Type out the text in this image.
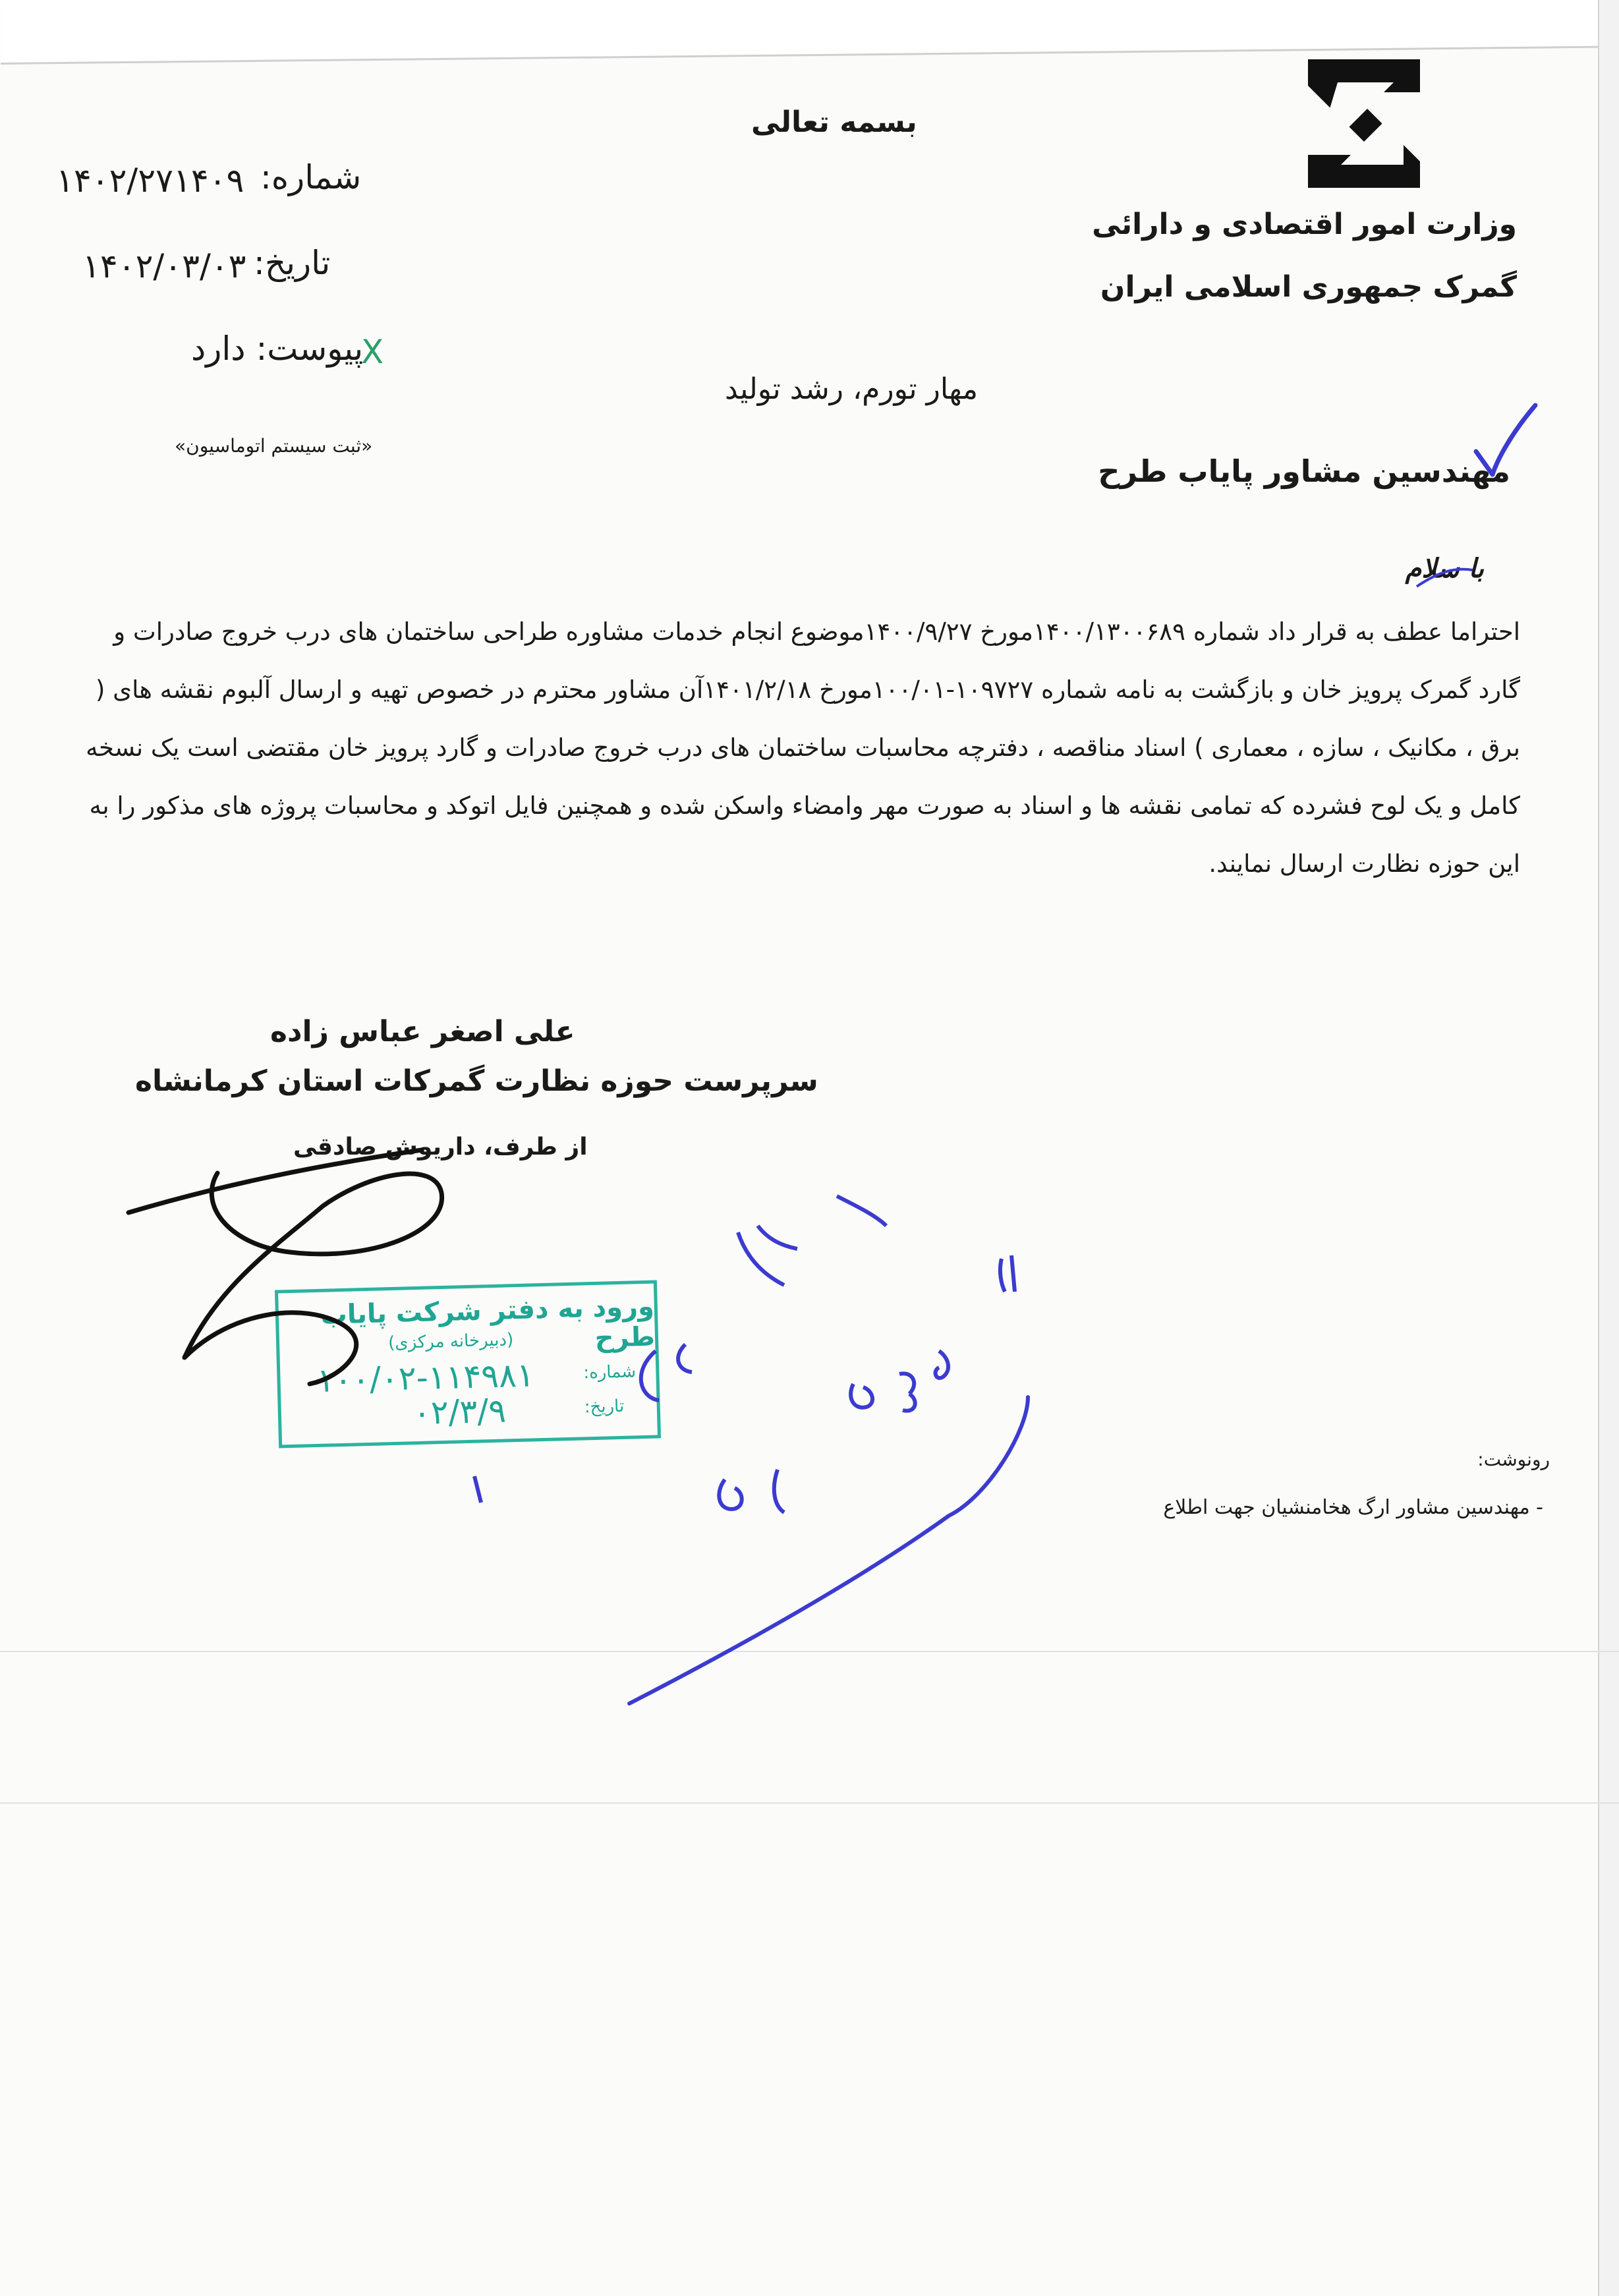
وزارت امور اقتصادی و دارائی
گمرک جمهوری اسلامی ایران
بسمه تعالی
شماره:
۱۴۰۲/۲۷۱۴۰۹
تاریخ:
۱۴۰۲/۰۳/۰۳
پیوست: دارد
X
«ثبت سیستم اتوماسیون»
مهار تورم، رشد تولید
مهندسین مشاور پایاب طرح
با سلام
احتراما عطف به قرار داد شماره ۱۴۰۰/۱۳۰۰۶۸۹مورخ ۱۴۰۰/۹/۲۷موضوع انجام خدمات مشاوره طراحی ساختمان های درب خروج صادرات و
گارد گمرک پرویز خان و بازگشت به نامه شماره ۱۰۹۷۲۷-۱۰۰/۰۱مورخ ۱۴۰۱/۲/۱۸آن مشاور محترم در خصوص تهیه و ارسال آلبوم نقشه های (
برق ، مکانیک ، سازه ، معماری ) اسناد مناقصه ، دفترچه محاسبات ساختمان های درب خروج صادرات و گارد پرویز خان مقتضی است یک نسخه
کامل و یک لوح فشرده که تمامی نقشه ها و اسناد به صورت مهر وامضاء واسکن شده و همچنین فایل اتوکد و محاسبات پروژه های مذکور را به
این حوزه نظارت ارسال نمایند.
علی اصغر عباس زاده
سرپرست حوزه نظارت گمرکات استان کرمانشاه
از طرف، داریوش صادقی
ورود به دفتر شرکت پایاب طرح
(دبیرخانه مرکزی)
شماره:
۱۰۰/۰۲-۱۱۴۹۸۱
تاریخ:
۰۲/۳/۹
رونوشت:
- مهندسین مشاور ارگ هخامنشیان جهت اطلاع
